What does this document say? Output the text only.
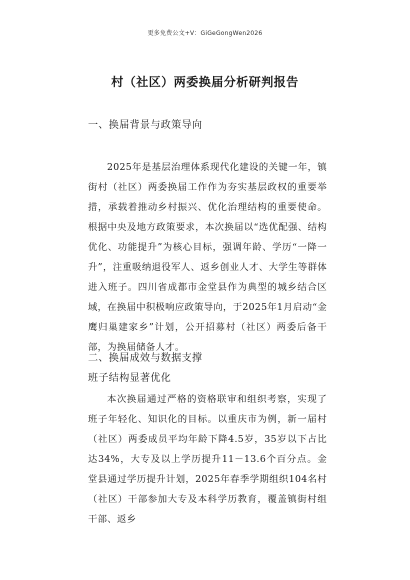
更多免费公文+V：GiGeGongWen2026
村（社区）两委换届分析研判报告
一、换届背景与政策导向

2025年是基层治理体系现代化建设的关键一年，镇街村（社区）两委换届工作作为夯实基层政权的重要举措，承载着推动乡村振兴、优化治理结构的重要使命。根据中央及地方政策要求，本次换届以“选优配强、结构优化、功能提升”为核心目标，强调年龄、学历“一降一升”，注重吸纳退役军人、返乡创业人才、大学生等群体进入班子。四川省成都市金堂县作为典型的城乡结合区域，在换届中积极响应政策导向，于2025年1月启动“金鹰归巢建家乡”计划，公开招募村（社区）两委后备干部，为换届储备人才。

二、换届成效与数据支撑
班子结构显著优化

本次换届通过严格的资格联审和组织考察，实现了班子年轻化、知识化的目标。以重庆市为例，新一届村（社区）两委成员平均年龄下降4.5岁，35岁以下占比达34%，大专及以上学历提升11－13.6个百分点。金堂县通过学历提升计划，2025年春季学期组织104名村（社区）干部参加大专及本科学历教育，覆盖镇街村组干部、返乡
